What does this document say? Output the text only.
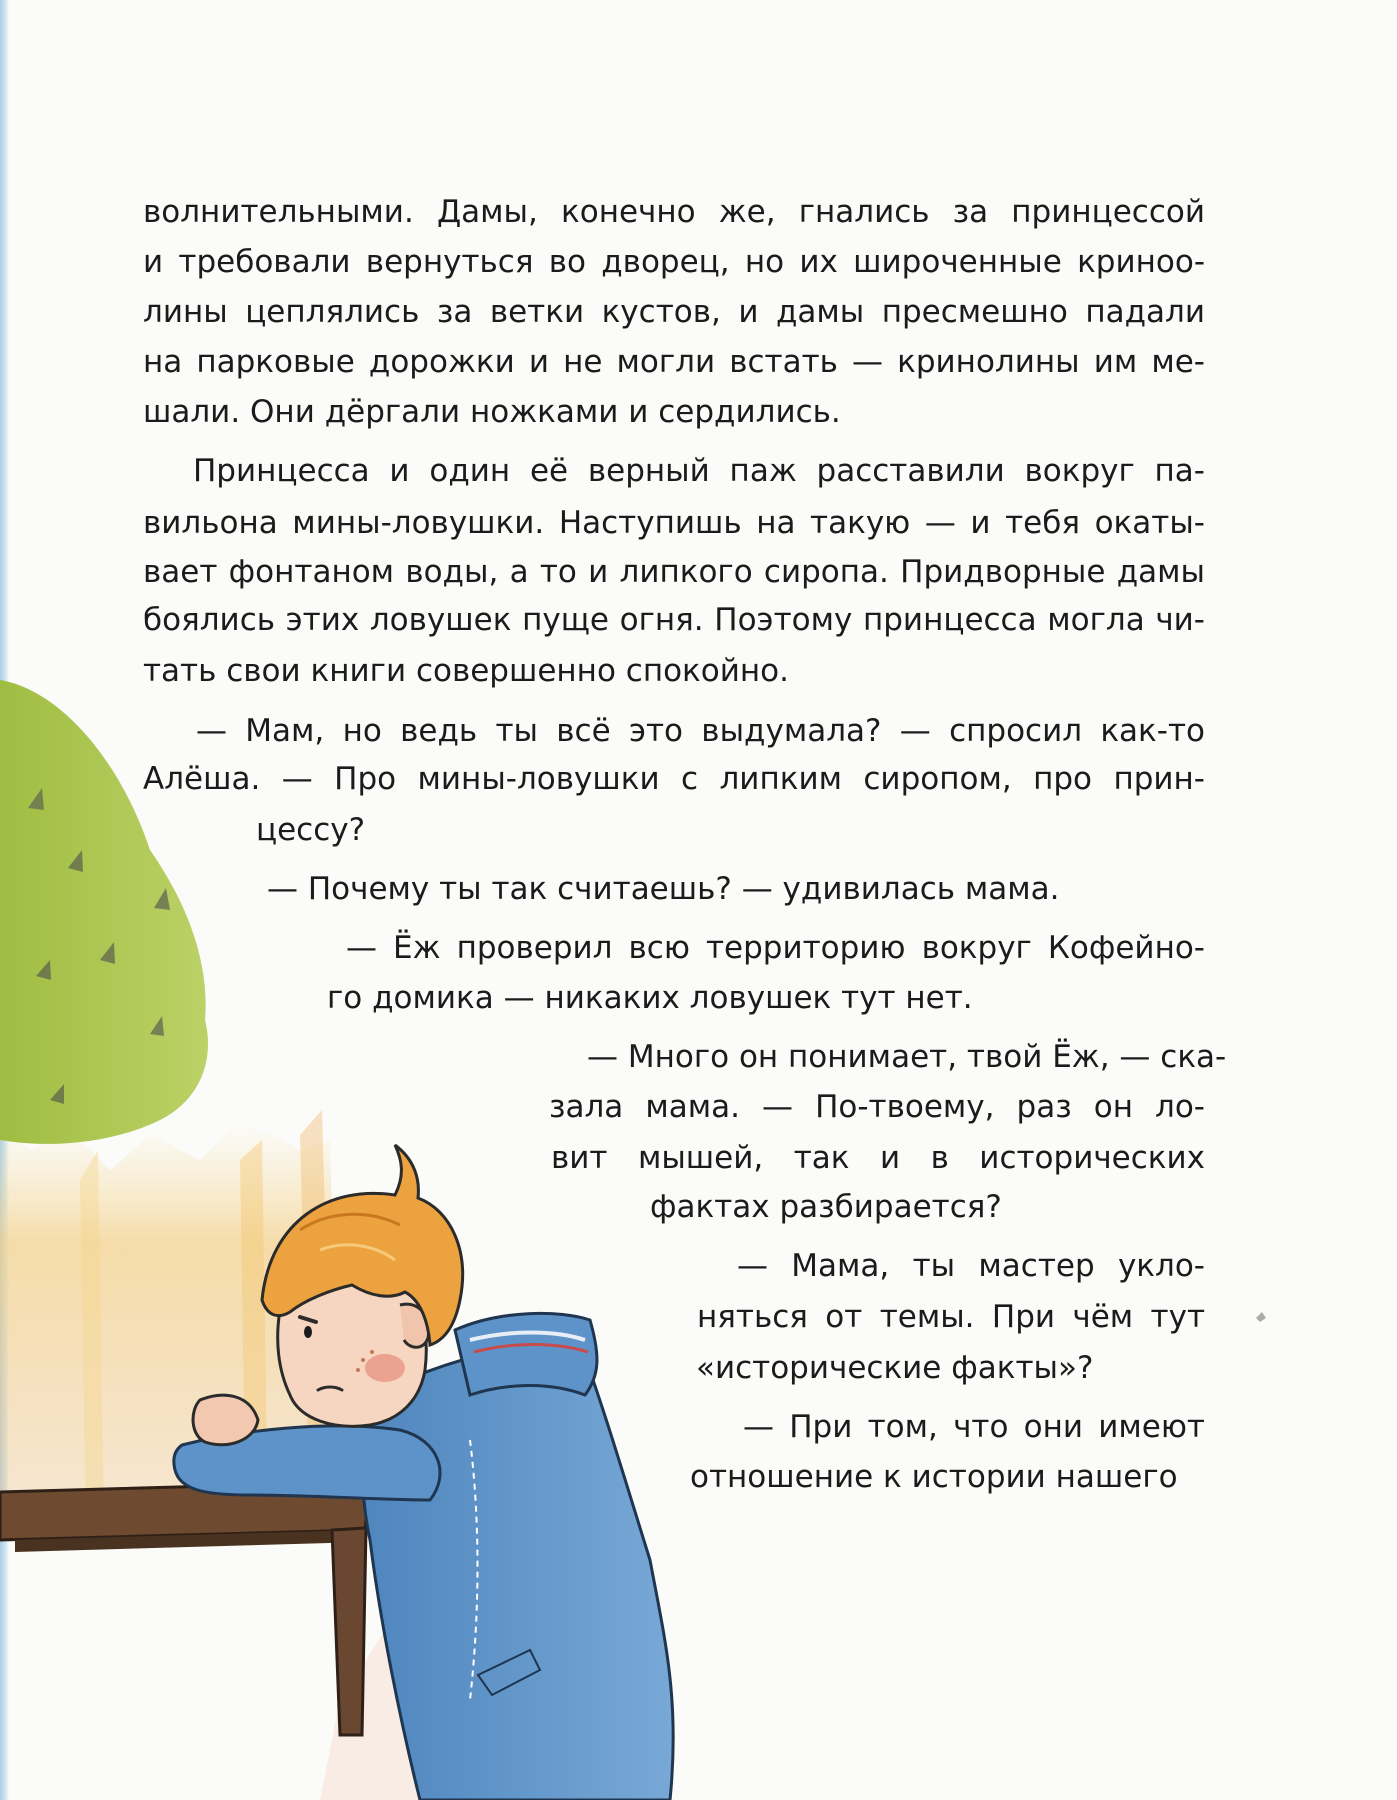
волнительными. Дамы, конечно же, гнались за принцессой
и требовали вернуться во дворец, но их широченные криноо-
лины цеплялись за ветки кустов, и дамы пресмешно падали
на парковые дорожки и не могли встать — кринолины им ме-
шали. Они дёргали ножками и сердились.
Принцесса и один её верный паж расставили вокруг па-
вильона мины-ловушки. Наступишь на такую — и тебя окаты-
вает фонтаном воды, а то и липкого сиропа. Придворные дамы
боялись этих ловушек пуще огня. Поэтому принцесса могла чи-
тать свои книги совершенно спокойно.
— Мам, но ведь ты всё это выдумала? — спросил как-то
Алёша. — Про мины-ловушки с липким сиропом, про прин-
цессу?
— Почему ты так считаешь? — удивилась мама.
— Ёж проверил всю территорию вокруг Кофейно-
го домика — никаких ловушек тут нет.
— Много он понимает, твой Ёж, — ска-
зала мама. — По-твоему, раз он ло-
вит мышей, так и в исторических
фактах разбирается?
— Мама, ты мастер укло-
няться от темы. При чём тут
«исторические факты»?
— При том, что они имеют
отношение к истории нашего
